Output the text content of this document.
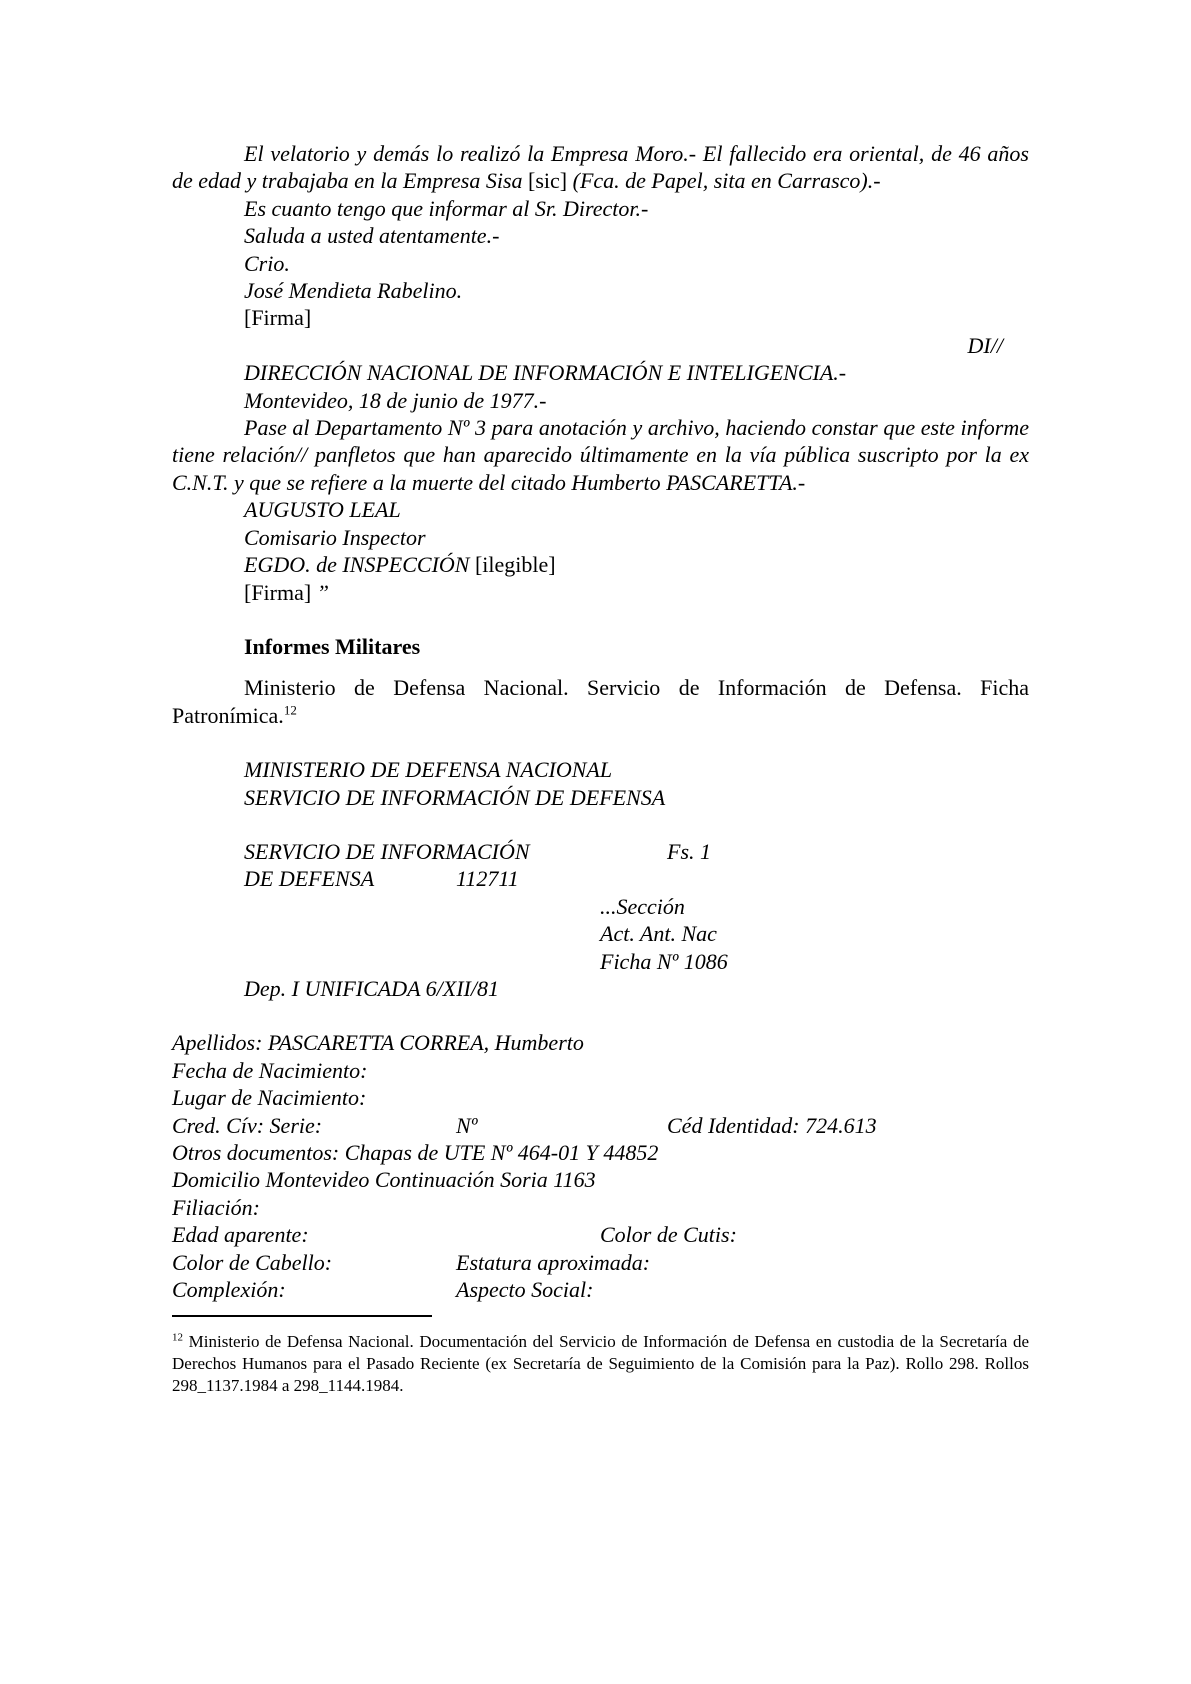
El velatorio y demás lo realizó la Empresa Moro.- El fallecido era oriental, de 46 años de edad y trabajaba en la Empresa Sisa [sic] (Fca. de Papel, sita en Carrasco).-

Es cuanto tengo que informar al Sr. Director.-
Saluda a usted atentamente.-
Crio.
José Mendieta Rabelino.
[Firma]
DI//
DIRECCIÓN NACIONAL DE INFORMACIÓN E INTELIGENCIA.-
Montevideo, 18 de junio de 1977.-

Pase al Departamento Nº 3 para anotación y archivo, haciendo constar que este informe tiene relación// panfletos que han aparecido últimamente en la vía pública suscripto por la ex C.N.T. y que se refiere a la muerte del citado Humberto PASCARETTA.-

AUGUSTO LEAL
Comisario Inspector
EGDO. de INSPECCIÓN [ilegible]
[Firma] ”
Informes Militares

Ministerio de Defensa Nacional. Servicio de Información de Defensa. Ficha Patronímica.$^{12}$

MINISTERIO DE DEFENSA NACIONAL
SERVICIO DE INFORMACIÓN DE DEFENSA
SERVICIO DE INFORMACIÓN	Fs. 1
DE DEFENSA	112711
...Sección
Act. Ant. Nac
Ficha Nº 1086
Dep. I UNIFICADA 6/XII/81
Apellidos: PASCARETTA CORREA, Humberto
Fecha de Nacimiento:
Lugar de Nacimiento:
Cred. Cív: Serie:	Nº	Céd Identidad: 724.613
Otros documentos: Chapas de UTE Nº 464-01 Y 44852
Domicilio Montevideo Continuación Soria 1163
Filiación:
Edad aparente:	Color de Cutis:
Color de Cabello:	Estatura aproximada:
Complexión:	Aspecto Social:

$^{12}$ Ministerio de Defensa Nacional. Documentación del Servicio de Información de Defensa en custodia de la Secretaría de Derechos Humanos para el Pasado Reciente (ex Secretaría de Seguimiento de la Comisión para la Paz). Rollo 298. Rollos 298_1137.1984 a 298_1144.1984.
